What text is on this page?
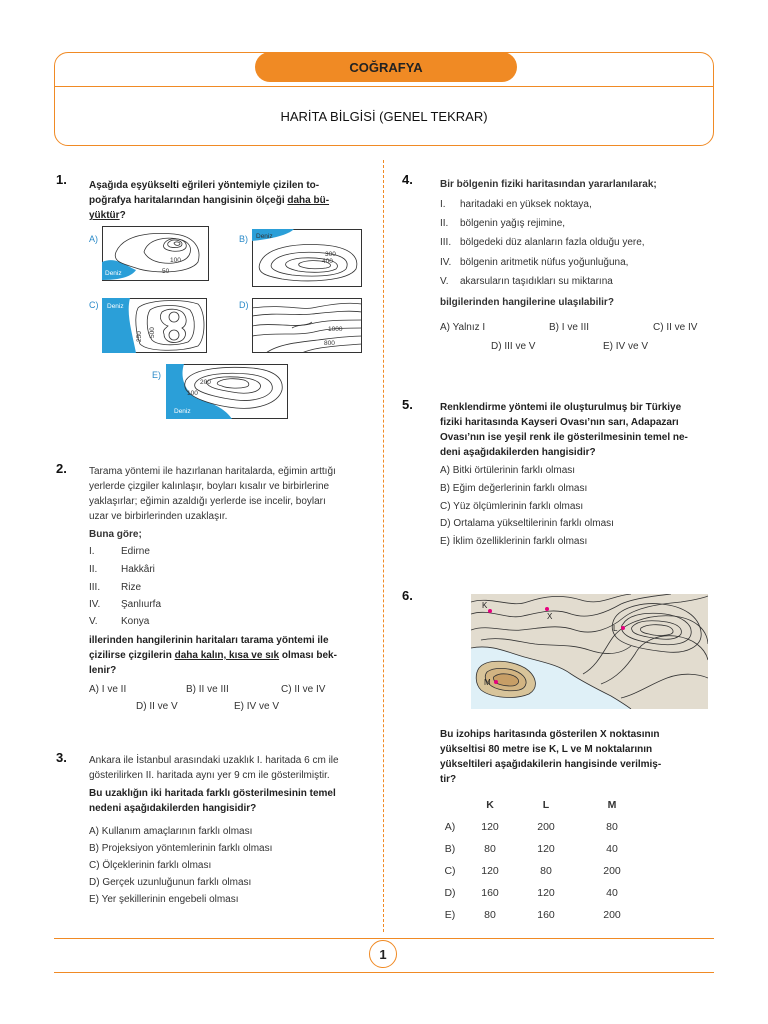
COĞRAFYA
HARİTA BİLGİSİ (GENEL TEKRAR)
1. Aşağıda eşyükselti eğrileri yöntemiyle çizilen to-
poğrafya haritalarından hangisinin ölçeği daha bü-
yüktür?
A)
Deniz
100
50
B) Deniz
300
400
C) Deniz
250 500
D)
1000
800
E)
Deniz
200
100
2. Tarama yöntemi ile hazırlanan haritalarda, eğimin arttığı
yerlerde çizgiler kalınlaşır, boyları kısalır ve birbirlerine
yaklaşırlar; eğimin azaldığı yerlerde ise incelir, boyları
uzar ve birbirlerinden uzaklaşır.
Buna göre;
I.	Edirne
II. Hakkâri
III. Rize
IV. Şanlıurfa
V. Konya
illerinden hangilerinin haritaları tarama yöntemi ile
çizilirse çizgilerin daha kalın, kısa ve sık olması bek-
lenir?
A) I ve II	B) II ve III	C) II ve IV
D) II ve V	E) IV ve V
3. Ankara ile İstanbul arasındaki uzaklık I. haritada 6 cm ile
gösterilirken II. haritada aynı yer 9 cm ile gösterilmiştir.
Bu uzaklığın iki haritada farklı gösterilmesinin temel
nedeni aşağıdakilerden hangisidir?
A) Kullanım amaçlarının farklı olması
B) Projeksiyon yöntemlerinin farklı olması
C) Ölçeklerinin farklı olması
D) Gerçek uzunluğunun farklı olması
E) Yer şekillerinin engebeli olması
4.	Bir bölgenin fiziki haritasından yararlanılarak;
I. haritadaki en yüksek noktaya,
II. bölgenin yağış rejimine,
III. bölgedeki düz alanların fazla olduğu yere,
IV. bölgenin aritmetik nüfus yoğunluğuna,
V. akarsuların taşıdıkları su miktarına
bilgilerinden hangilerine ulaşılabilir?
A) Yalnız I	B) I ve III	C) II ve IV
D) III ve V	E) IV ve V
5.	Renklendirme yöntemi ile oluşturulmuş bir Türkiye
fiziki haritasında Kayseri Ovası’nın sarı, Adapazarı
Ovası’nın ise yeşil renk ile gösterilmesinin temel ne-
deni aşağıdakilerden hangisidir?
A) Bitki örtülerinin farklı olması
B) Eğim değerlerinin farklı olması
C) Yüz ölçümlerinin farklı olması
D) Ortalama yükseltilerinin farklı olması
E) İklim özelliklerinin farklı olması
6.
K
X
L
M
Bu izohips haritasında gösterilen X noktasının
yükseltisi 80 metre ise K, L ve M noktalarının
yükseltileri aşağıdakilerin hangisinde verilmiş-
tir?
	K	L	M
A)	120	200	80
B)	80	120	40
C)	120	80	200
D)	160	120	40
E)	80	160	200
1
